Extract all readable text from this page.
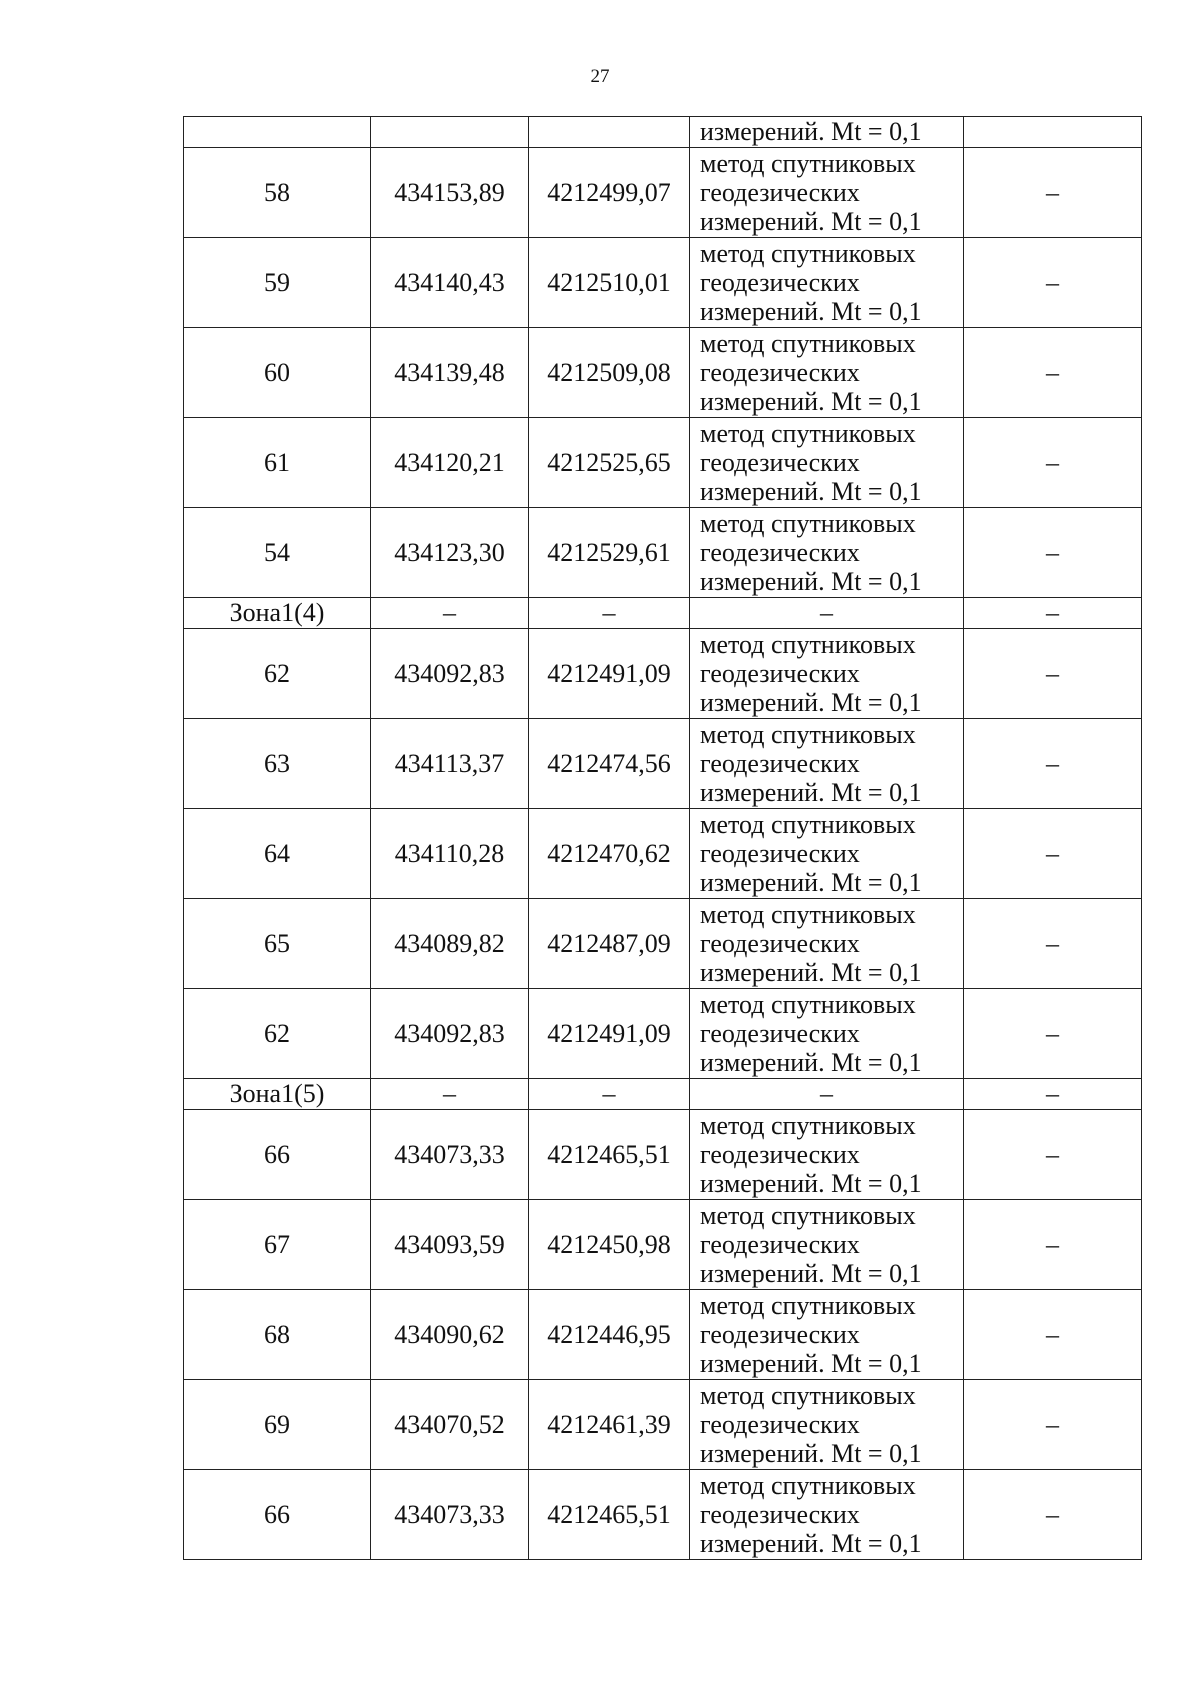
27
			измерений. Mt = 0,1	
58	434153,89	4212499,07	метод спутниковых
геодезических
измерений. Mt = 0,1	–
59	434140,43	4212510,01	метод спутниковых
геодезических
измерений. Mt = 0,1	–
60	434139,48	4212509,08	метод спутниковых
геодезических
измерений. Mt = 0,1	–
61	434120,21	4212525,65	метод спутниковых
геодезических
измерений. Mt = 0,1	–
54	434123,30	4212529,61	метод спутниковых
геодезических
измерений. Mt = 0,1	–
Зона1(4)	–	–	–	–
62	434092,83	4212491,09	метод спутниковых
геодезических
измерений. Mt = 0,1	–
63	434113,37	4212474,56	метод спутниковых
геодезических
измерений. Mt = 0,1	–
64	434110,28	4212470,62	метод спутниковых
геодезических
измерений. Mt = 0,1	–
65	434089,82	4212487,09	метод спутниковых
геодезических
измерений. Mt = 0,1	–
62	434092,83	4212491,09	метод спутниковых
геодезических
измерений. Mt = 0,1	–
Зона1(5)	–	–	–	–
66	434073,33	4212465,51	метод спутниковых
геодезических
измерений. Mt = 0,1	–
67	434093,59	4212450,98	метод спутниковых
геодезических
измерений. Mt = 0,1	–
68	434090,62	4212446,95	метод спутниковых
геодезических
измерений. Mt = 0,1	–
69	434070,52	4212461,39	метод спутниковых
геодезических
измерений. Mt = 0,1	–
66	434073,33	4212465,51	метод спутниковых
геодезических
измерений. Mt = 0,1	–
